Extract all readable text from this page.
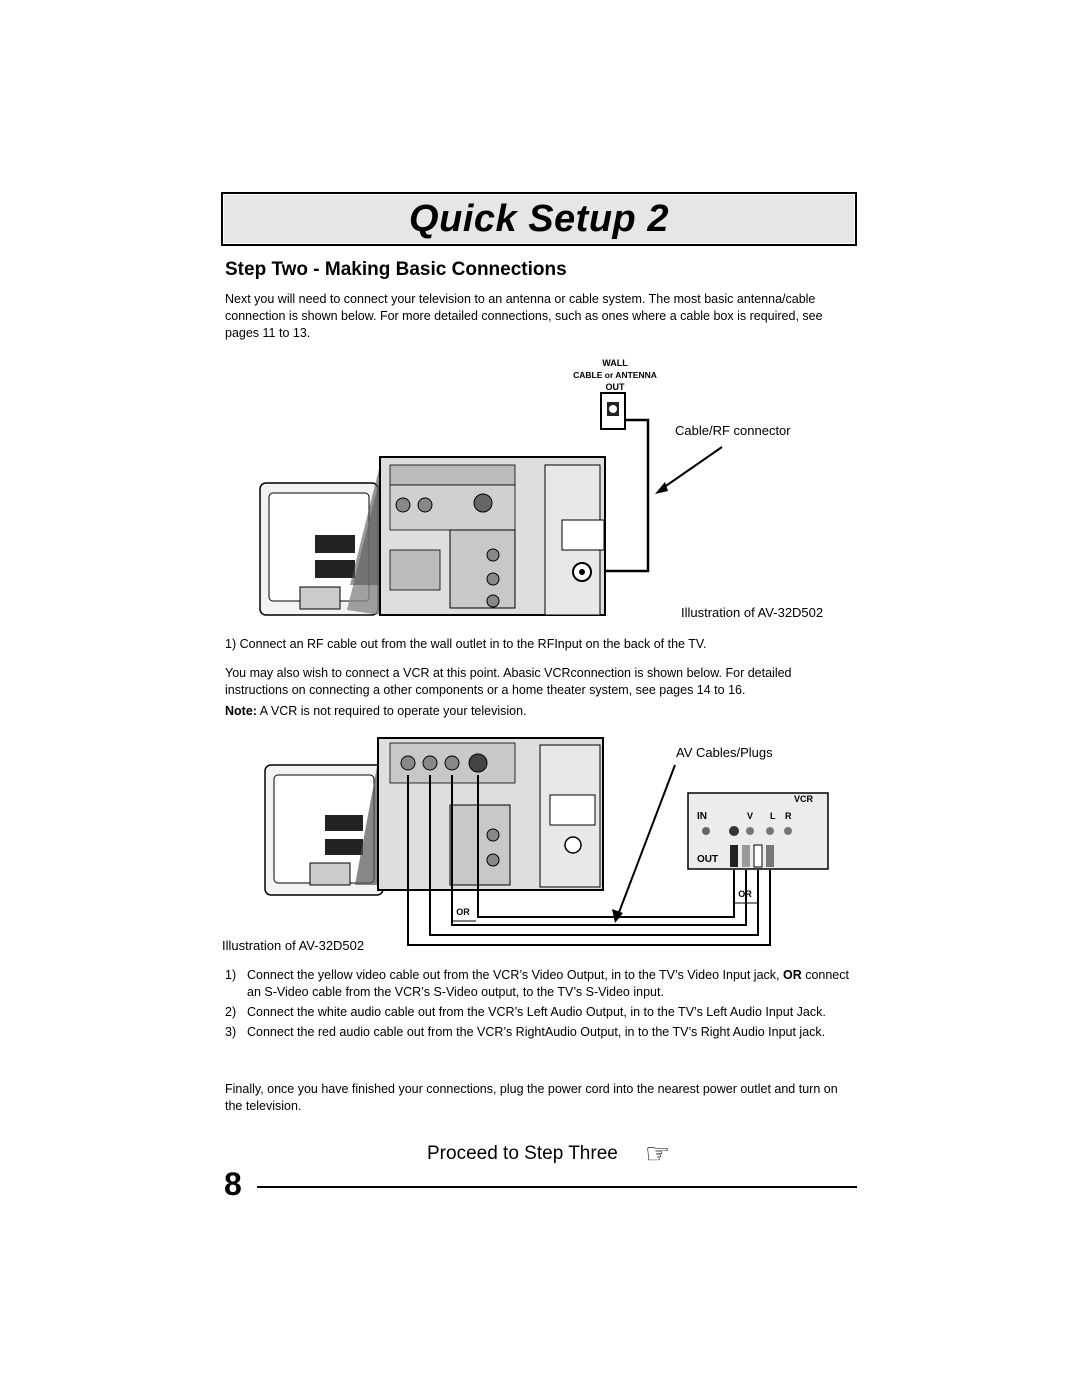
Quick Setup 2
Step Two - Making Basic Connections
Next you will need to connect your television to an antenna or cable system. The most basic antenna/cable connection is shown below. For more detailed connections, such as ones where a cable box is required, see pages 11 to 13.
WALL
CABLE or ANTENNA
OUT
Cable/RF connector
Illustration of AV-32D502
1) Connect an RF cable out from the wall outlet in to the RFInput on the back of the TV.
You may also wish to connect a VCR at this point. Abasic VCRconnection is shown below. For detailed instructions on connecting a other components or a home theater system, see pages 14 to 16.
Note: A VCR is not required to operate your television.
OR
OR
VCR
IN	V L R
OUT
AV Cables/Plugs
Illustration of AV-32D502
1) Connect the yellow video cable out from the VCR’s Video Output, in to the TV’s Video Input jack, OR connect an S-Video cable from the VCR’s S-Video output, to the TV’s S-Video input.
2) Connect the white audio cable out from the VCR’s Left Audio Output, in to the TV’s Left Audio Input Jack.
3) Connect the red audio cable out from the VCR’s RightAudio Output, in to the TV’s Right Audio Input jack.
Finally, once you have finished your connections, plug the power cord into the nearest power outlet and turn on the television.
Proceed to Step Three ☞
8
